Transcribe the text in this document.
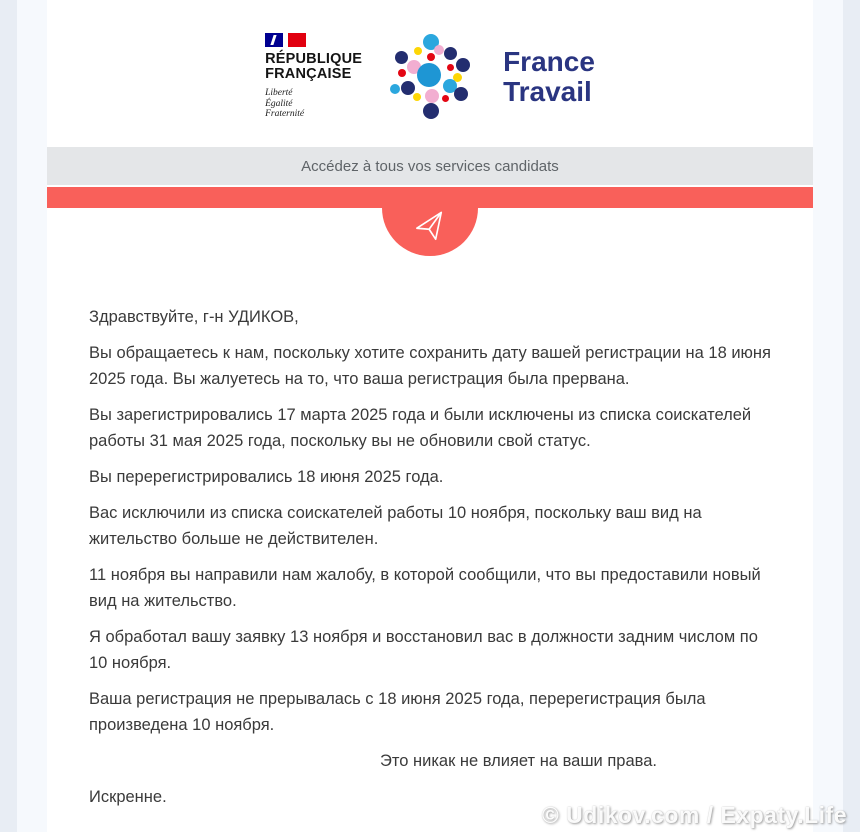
RÉPUBLIQUE
FRANÇAISE
Liberté
Égalité
Fraternité
France
Travail
Accédez à tous vos services candidats

Здравствуйте, г-н УДИКОВ,

Вы обращаетесь к нам, поскольку хотите сохранить дату вашей регистрации на 18 июня 2025 года. Вы жалуетесь на то, что ваша регистрация была прервана.

Вы зарегистрировались 17 марта 2025 года и были исключены из списка соискателей работы 31 мая 2025 года, поскольку вы не обновили свой статус.

Вы перерегистрировались 18 июня 2025 года.

Вас исключили из списка соискателей работы 10 ноября, поскольку ваш вид на жительство больше не действителен.

11 ноября вы направили нам жалобу, в которой сообщили, что вы предоставили новый вид на жительство.

Я обработал вашу заявку 13 ноября и восстановил вас в должности задним числом по 10 ноября.

Ваша регистрация не прерывалась с 18 июня 2025 года, перерегистрация была произведена 10 ноября.

Это никак не влияет на ваши права.

Искренне.

© Udikov.com / Expaty.Life
